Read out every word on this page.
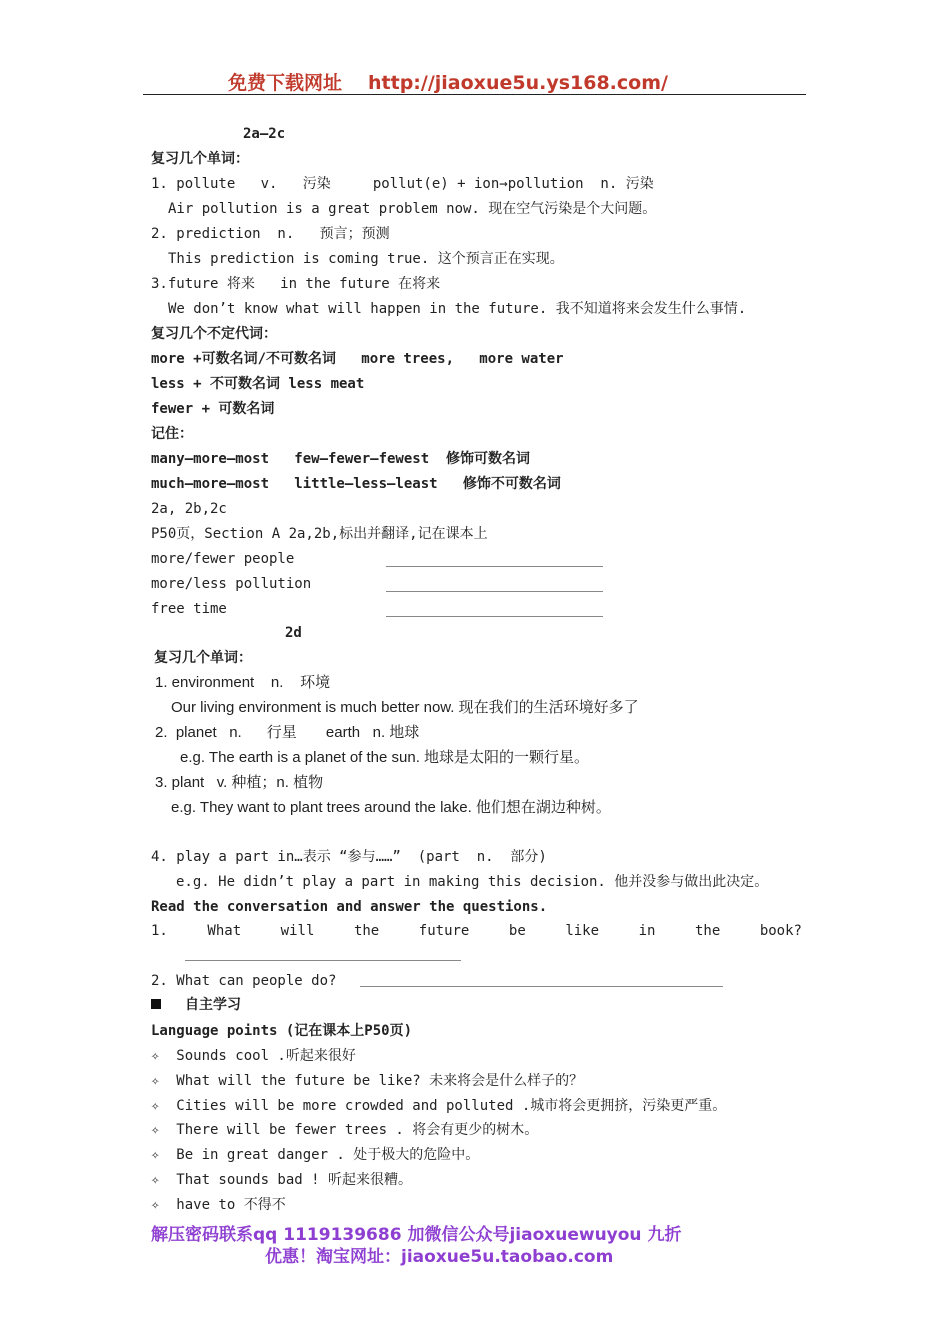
免费下载网址 http://jiaoxue5u.ys168.com/
2a—2c
复习几个单词：
1. pollute   v.   污染     pollut(e) + ion→pollution  n. 污染
Air pollution is a great problem now. 现在空气污染是个大问题。
2. prediction  n.   预言；预测
This prediction is coming true. 这个预言正在实现。
3.future 将来   in the future 在将来
We don’t know what will happen in the future. 我不知道将来会发生什么事情.
复习几个不定代词：
more +可数名词/不可数名词   more trees,   more water
less + 不可数名词 less meat
fewer + 可数名词
记住：
many—more—most   few—fewer—fewest  修饰可数名词
much—more—most   little—less—least   修饰不可数名词
2a, 2b,2c
P50页，Section A 2a,2b,标出并翻译,记在课本上
more/fewer people
more/less pollution
free time
2d
复习几个单词：
1. environment    n.    环境
Our living environment is much better now. 现在我们的生活环境好多了
2.  planet   n.      行星       earth   n. 地球
e.g. The earth is a planet of the sun. 地球是太阳的一颗行星。
3. plant   v. 种植；n. 植物
e.g. They want to plant trees around the lake. 他们想在湖边种树。
4. play a part in…表示 “参与……”  (part  n.  部分)
e.g. He didn’t play a part in making this decision. 他并没参与做出此决定。
Read the conversation and answer the questions.
1.	What	will	the	future	be	like	in	the	book?
2. What can people do?
自主学习
Language points (记在课本上P50页)
✧  Sounds cool .听起来很好
✧  What will the future be like? 未来将会是什么样子的？
✧  Cities will be more crowded and polluted .城市将会更拥挤，污染更严重。
✧  There will be fewer trees . 将会有更少的树木。
✧  Be in great danger . 处于极大的危险中。
✧  That sounds bad ! 听起来很糟。
✧  have to 不得不
解压密码联系qq 1119139686 加微信公众号jiaoxuewuyou 九折
优惠！淘宝网址：jiaoxue5u.taobao.com
